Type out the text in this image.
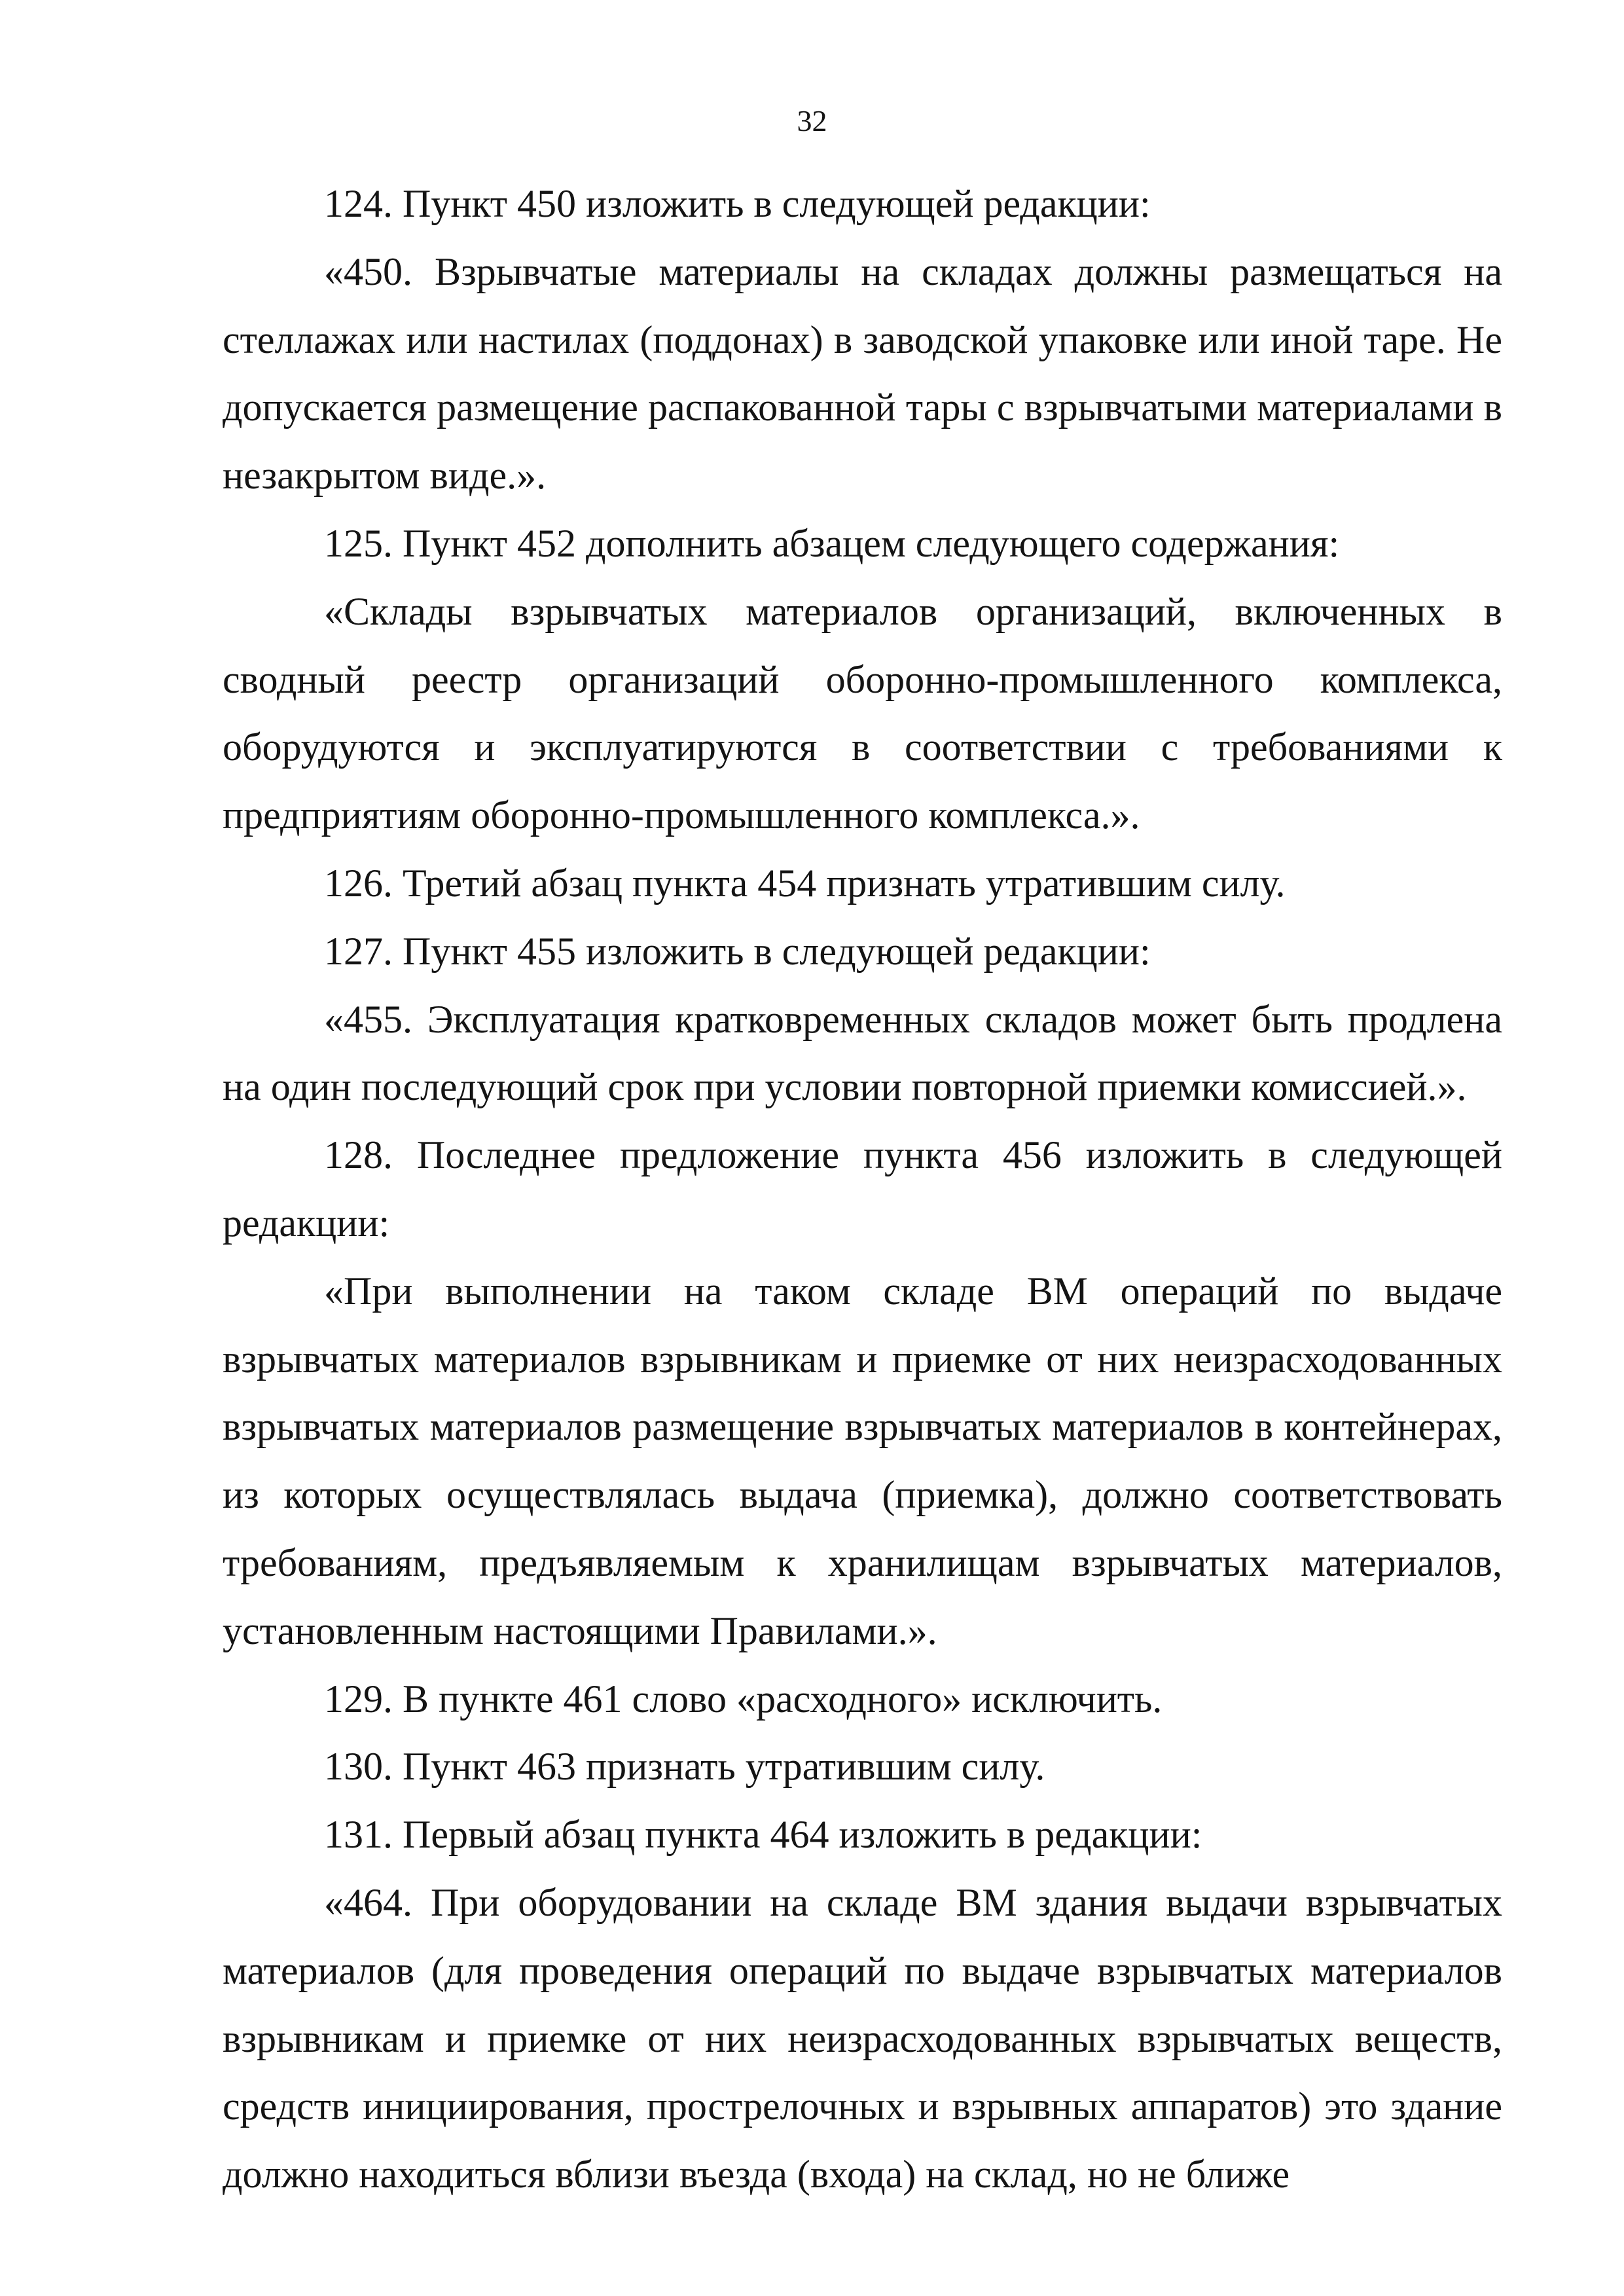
32

124. Пункт 450 изложить в следующей редакции:

«450. Взрывчатые материалы на складах должны размещаться на стеллажах или настилах (поддонах) в заводской упаковке или иной таре. Не допускается размещение распакованной тары с взрывчатыми материалами в незакрытом виде.».

125. Пункт 452 дополнить абзацем следующего содержания:

«Склады взрывчатых материалов организаций, включенных в сводный реестр организаций оборонно-промышленного комплекса, оборудуются и эксплуатируются в соответствии с требованиями к предприятиям оборонно-промышленного комплекса.».

126. Третий абзац пункта 454 признать утратившим силу.

127. Пункт 455 изложить в следующей редакции:

«455. Эксплуатация кратковременных складов может быть продлена на один последующий срок при условии повторной приемки комиссией.».

128. Последнее предложение пункта 456 изложить в следующей редакции:

«При выполнении на таком складе ВМ операций по выдаче взрывчатых материалов взрывникам и приемке от них неизрасходованных взрывчатых материалов размещение взрывчатых материалов в контейнерах, из которых осуществлялась выдача (приемка), должно соответствовать требованиям, предъявляемым к хранилищам взрывчатых материалов, установленным настоящими Правилами.».

129. В пункте 461 слово «расходного» исключить.

130. Пункт 463 признать утратившим силу.

131. Первый абзац пункта 464 изложить в редакции:

«464. При оборудовании на складе ВМ здания выдачи взрывчатых материалов (для проведения операций по выдаче взрывчатых материалов взрывникам и приемке от них неизрасходованных взрывчатых веществ, средств инициирования, прострелочных и взрывных аппаратов) это здание должно находиться вблизи въезда (входа) на склад, но не ближе
